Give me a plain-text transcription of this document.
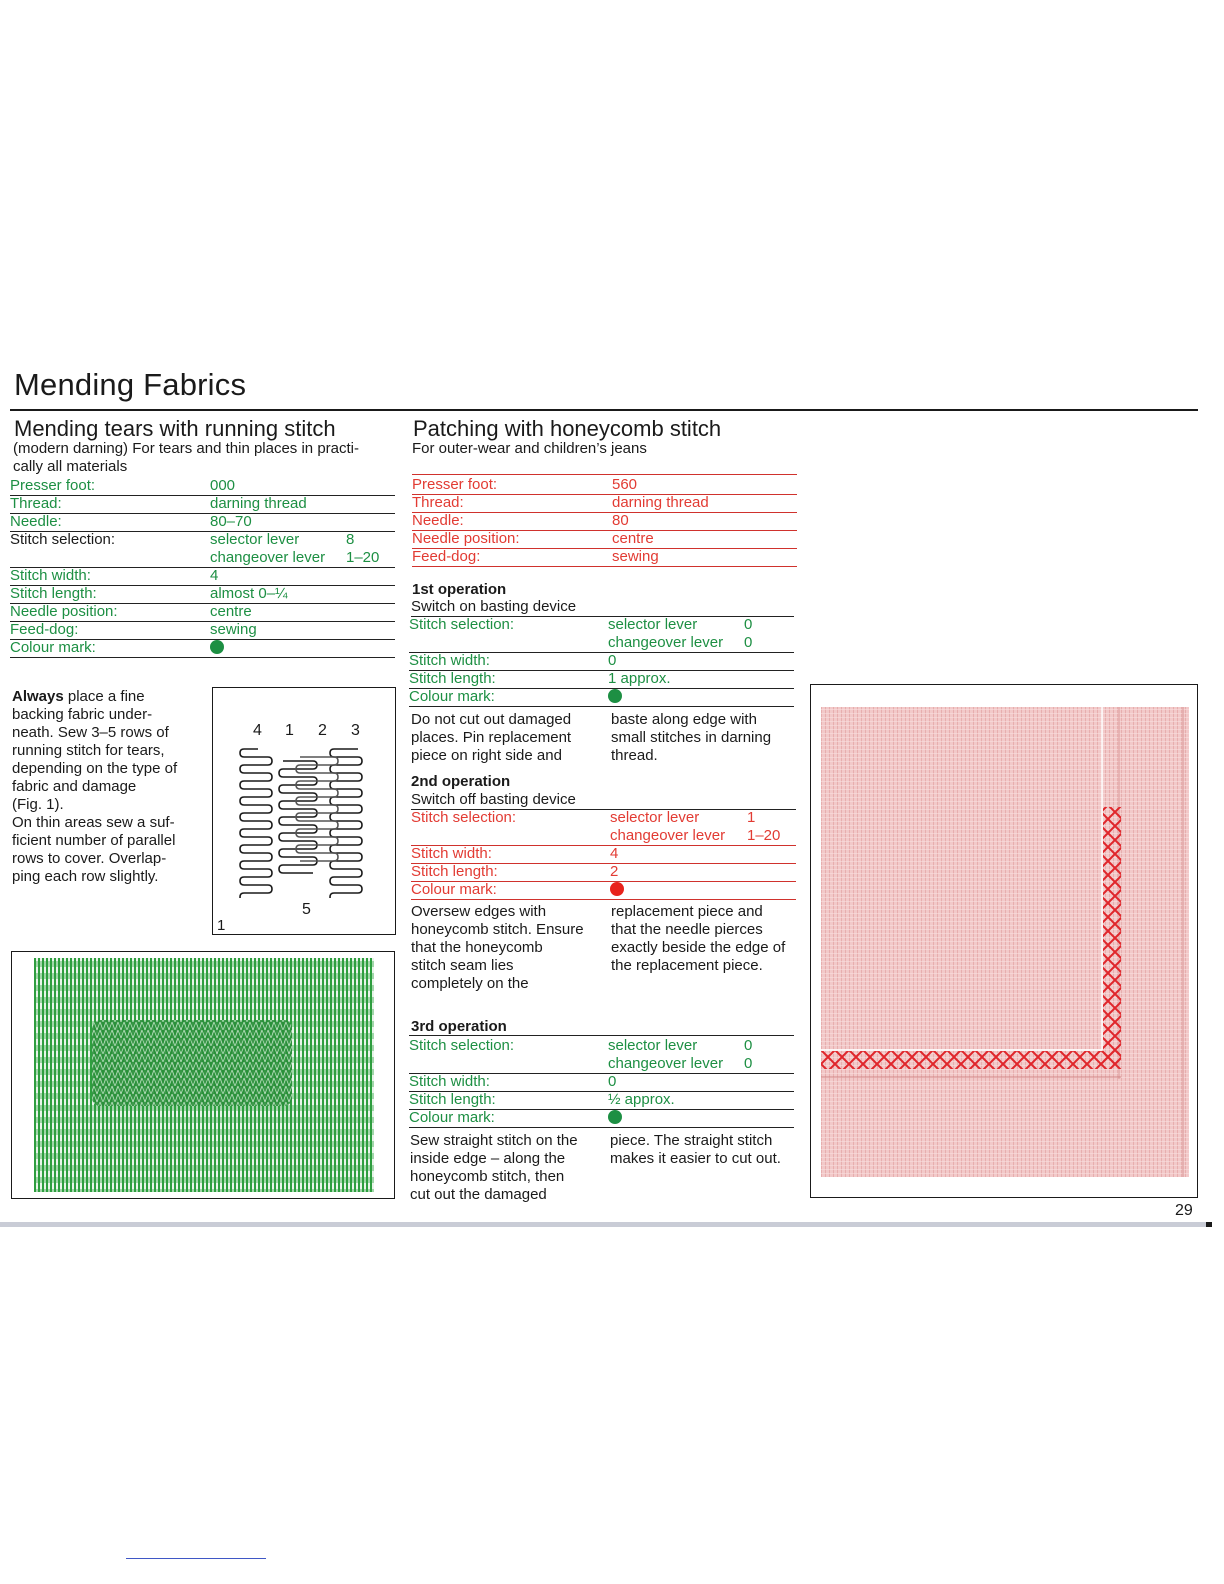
Mending Fabrics
Mending tears with running stitch
(modern darning) For tears and thin places in practi-
cally all materials
Presser foot:	000
Thread:	darning thread
Needle:	80–70
Stitch selection:	selector lever	8
changeover lever 1–20
Stitch width:	4
Stitch length:	almost 0–¼
Needle position:	centre
Feed-dog:	sewing
Colour mark:
Always place a fine
backing fabric under-
neath. Sew 3–5 rows of
running stitch for tears,
depending on the type of
fabric and damage
(Fig. 1).
On thin areas sew a suf-
ficient number of parallel
rows to cover. Overlap-
ping each row slightly.
4 1 2 3
5
1
Patching with honeycomb stitch
For outer-wear and children’s jeans
Presser foot:	560
Thread:	darning thread
Needle:	80
Needle position:	centre
Feed-dog:	sewing
1st operation
Switch on basting device
Stitch selection:	selector lever	0
changeover lever 0
Stitch width:	0
Stitch length:	1 approx.
Colour mark:
Do not cut out damaged
places. Pin replacement
piece on right side and
baste along edge with
small stitches in darning
thread.
2nd operation
Switch off basting device
Stitch selection:	selector lever	1
changeover lever 1–20
Stitch width:	4
Stitch length:	2
Colour mark:
Oversew edges with
honeycomb stitch. Ensure
that the honeycomb
stitch seam lies
completely on the
replacement piece and
that the needle pierces
exactly beside the edge of
the replacement piece.
3rd operation
Stitch selection:	selector lever	0
changeover lever 0
Stitch width:	0
Stitch length:	½ approx.
Colour mark:
Sew straight stitch on the
inside edge – along the
honeycomb stitch, then
cut out the damaged
piece. The straight stitch
makes it easier to cut out.
29
